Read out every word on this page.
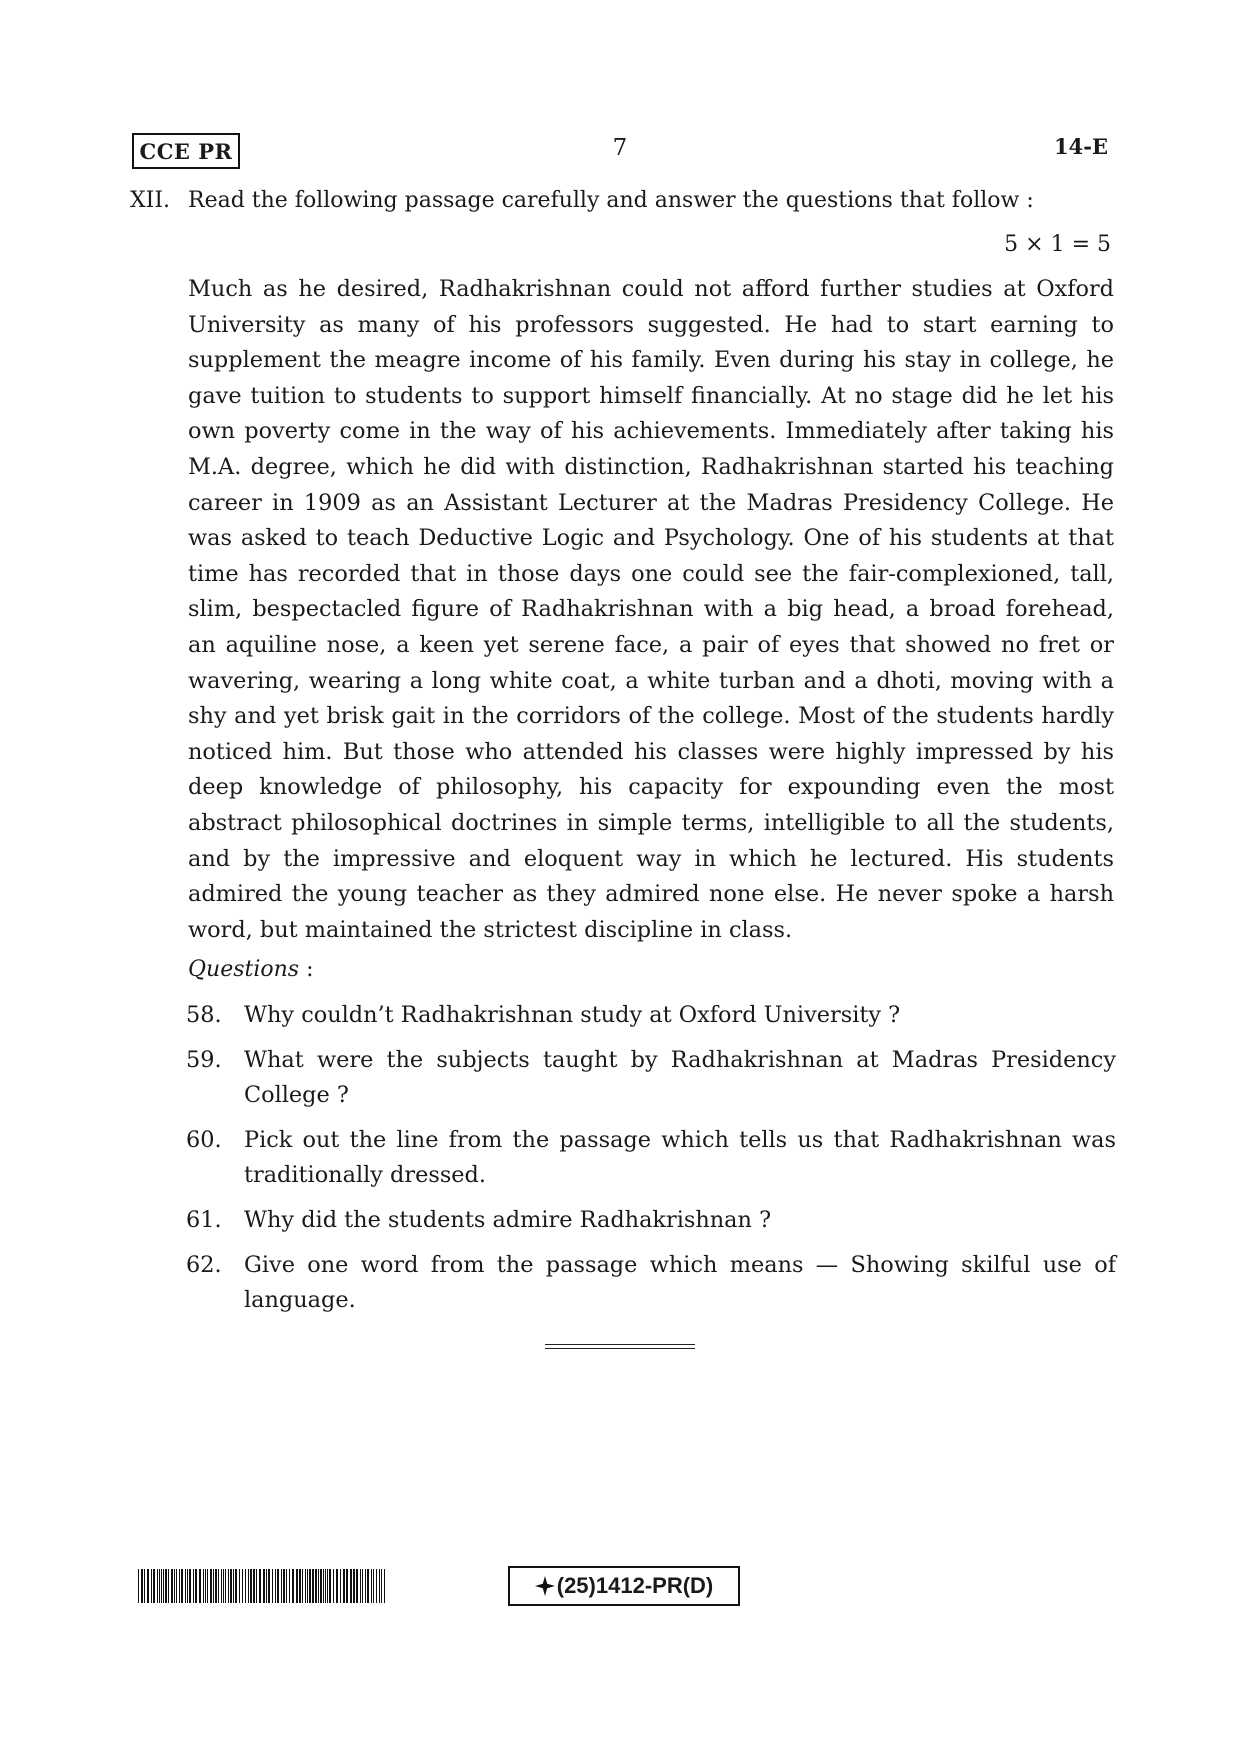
CCE PR	7	14-E
XII. Read the following passage carefully and answer the questions that follow :
5 × 1 = 5

Much as he desired, Radhakrishnan could not afford further studies at Oxford University as many of his professors suggested. He had to start earning to supplement the meagre income of his family. Even during his stay in college, he gave tuition to students to support himself financially. At no stage did he let his own poverty come in the way of his achievements. Immediately after taking his M.A. degree, which he did with distinction, Radhakrishnan started his teaching career in 1909 as an Assistant Lecturer at the Madras Presidency College. He was asked to teach Deductive Logic and Psychology. One of his students at that time has recorded that in those days one could see the fair-complexioned, tall, slim, bespectacled figure of Radhakrishnan with a big head, a broad forehead, an aquiline nose, a keen yet serene face, a pair of eyes that showed no fret or wavering, wearing a long white coat, a white turban and a dhoti, moving with a shy and yet brisk gait in the corridors of the college. Most of the students hardly noticed him. But those who attended his classes were highly impressed by his deep knowledge of philosophy, his capacity for expounding even the most abstract philosophical doctrines in simple terms, intelligible to all the students, and by the impressive and eloquent way in which he lectured. His students admired the young teacher as they admired none else. He never spoke a harsh word, but maintained the strictest discipline in class.

Questions :
58. Why couldn’t Radhakrishnan study at Oxford University ?
59. What were the subjects taught by Radhakrishnan at Madras Presidency College ?
60. Pick out the line from the passage which tells us that Radhakrishnan was traditionally dressed.
61. Why did the students admire Radhakrishnan ?
62. Give one word from the passage which means — Showing skilful use of language.
(25)1412-PR(D)
